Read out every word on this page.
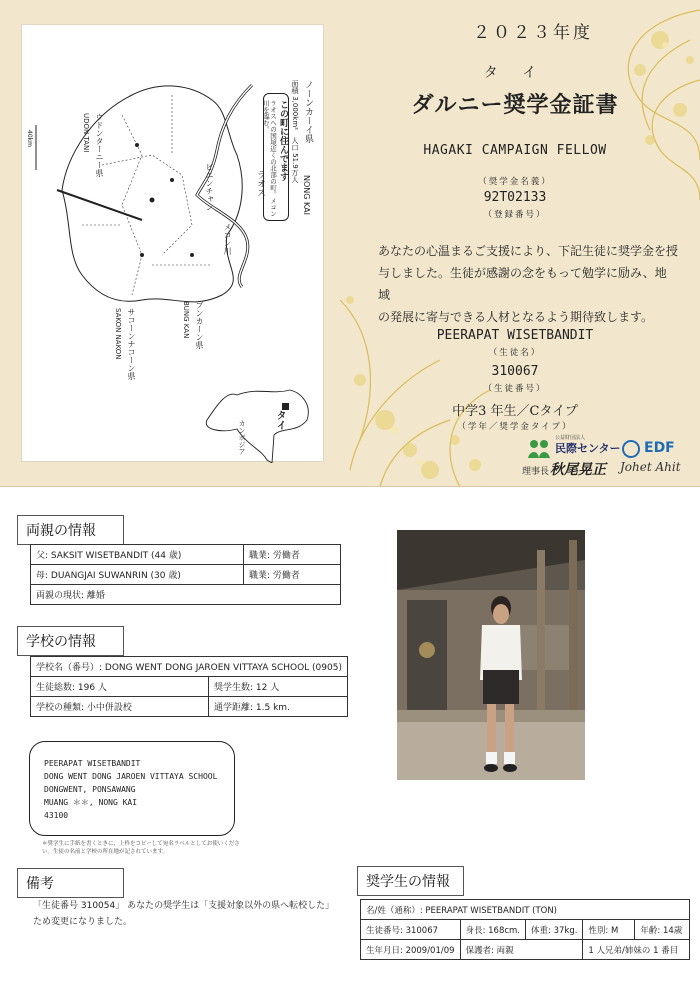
この町に住んでます
ラオスへの国境近くの北部の町。メコン川を臨む。	ノーンカーイ県
面積 3,000km²　人口 51.9万人
NONG KAI
ラオス
ビエンチャン
メコン川
ウドンターニー県
UDON TANI
ブンカーン県
BUNG KAN
サコーンナコーン県
SAKON NAKON
40km
タイ
カンボジア
２０２３年度
タ イ
ダルニー奨学金証書
HAGAKI CAMPAIGN FELLOW
（奨学金名義）
92T02133
（登録番号）
あなたの心温まるご支援により、下記生徒に奨学金を授
与しました。生徒が感謝の念をもって勉学に励み、地域
の発展に寄与できる人材となるよう期待致します。
PEERAPAT WISETBANDIT
（生徒名）
310067
（生徒番号）
中学3 年生／Cタイプ
（学年／奨学金タイプ）
公益財団法人
民際センター EDF
理事長 秋尾晃正 Johet Ahit
両親の情報
父: SAKSIT WISETBANDIT (44 歳)	職業: 労働者
母: DUANGJAI SUWANRIN (30 歳)	職業: 労働者
両親の現状: 離婚	
学校の情報
学校名（番号）: DONG WENT DONG JAROEN VITTAYA SCHOOL (0905)	
生徒総数: 196 人	奨学生数: 12 人
学校の種類: 小中併設校	通学距離: 1.5 km.
PEERAPAT WISETBANDIT
DONG WENT DONG JAROEN VITTAYA SCHOOL
DONGWENT, PONSAWANG
MUANG ＊＊, NONG KAI
43100
＊奨学生に手紙を書くときに、上枠をコピーして宛名ラベルとしてお使いください。生徒の名前と学校の所在地が記されています。
備考
「生徒番号 310054」 あなたの奨学生は「支援対象以外の県へ転校した」ため変更になりました。
奨学生の情報
名/姓（通称）: PEERAPAT WISETBANDIT (TON)				
生徒番号: 310067	身長: 168cm.	体重: 37kg.	性別: M	年齢: 14歳
生年月日: 2009/01/09	保護者: 両親		1 人兄弟/姉妹の 1 番目	
